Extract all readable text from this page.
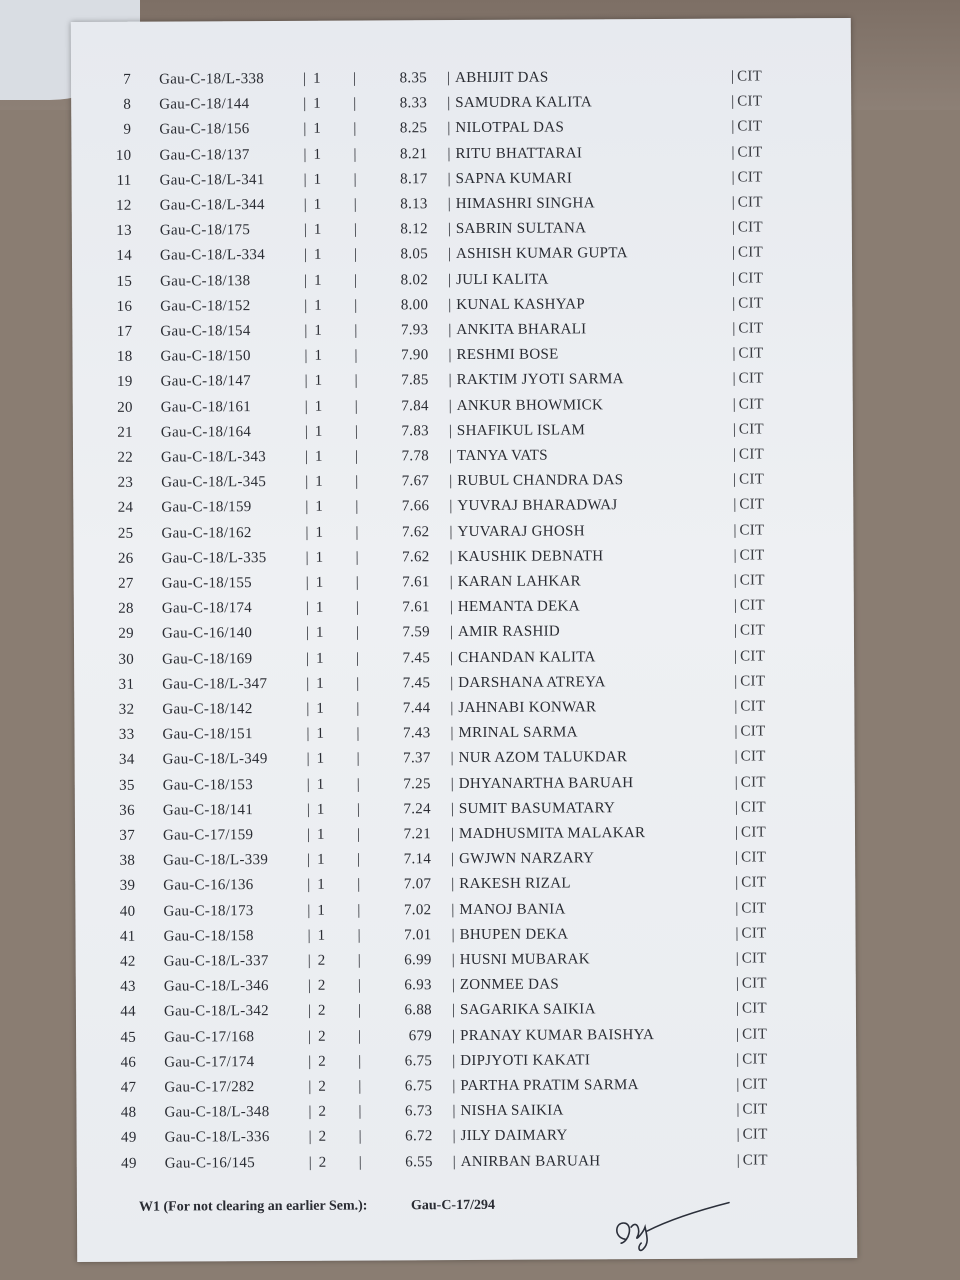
7 Gau-C-18/L-338	| 1 |	8.35 | ABHIJIT DAS	| CIT
8 Gau-C-18/144	| 1 |	8.33 | SAMUDRA KALITA	| CIT
9 Gau-C-18/156	| 1 |	8.25 | NILOTPAL DAS	| CIT
10 Gau-C-18/137	| 1 |	8.21 | RITU BHATTARAI	| CIT
11 Gau-C-18/L-341	| 1 |	8.17 | SAPNA KUMARI	| CIT
12 Gau-C-18/L-344	| 1 |	8.13 | HIMASHRI SINGHA	| CIT
13 Gau-C-18/175	| 1 |	8.12 | SABRIN SULTANA	| CIT
14 Gau-C-18/L-334	| 1 |	8.05 | ASHISH KUMAR GUPTA	| CIT
15 Gau-C-18/138	| 1 |	8.02 | JULI KALITA	| CIT
16 Gau-C-18/152	| 1 |	8.00 | KUNAL KASHYAP	| CIT
17 Gau-C-18/154	| 1 |	7.93 | ANKITA BHARALI	| CIT
18 Gau-C-18/150	| 1 |	7.90 | RESHMI BOSE	| CIT
19 Gau-C-18/147	| 1 |	7.85 | RAKTIM JYOTI SARMA	| CIT
20 Gau-C-18/161	| 1 |	7.84 | ANKUR BHOWMICK	| CIT
21 Gau-C-18/164	| 1 |	7.83 | SHAFIKUL ISLAM	| CIT
22 Gau-C-18/L-343	| 1 |	7.78 | TANYA VATS	| CIT
23 Gau-C-18/L-345	| 1 |	7.67 | RUBUL CHANDRA DAS	| CIT
24 Gau-C-18/159	| 1 |	7.66 | YUVRAJ BHARADWAJ	| CIT
25 Gau-C-18/162	| 1 |	7.62 | YUVARAJ GHOSH	| CIT
26 Gau-C-18/L-335	| 1 |	7.62 | KAUSHIK DEBNATH	| CIT
27 Gau-C-18/155	| 1 |	7.61 | KARAN LAHKAR	| CIT
28 Gau-C-18/174	| 1 |	7.61 | HEMANTA DEKA	| CIT
29 Gau-C-16/140	| 1 |	7.59 | AMIR RASHID	| CIT
30 Gau-C-18/169	| 1 |	7.45 | CHANDAN KALITA	| CIT
31 Gau-C-18/L-347	| 1 |	7.45 | DARSHANA ATREYA	| CIT
32 Gau-C-18/142	| 1 |	7.44 | JAHNABI KONWAR	| CIT
33 Gau-C-18/151	| 1 |	7.43 | MRINAL SARMA	| CIT
34 Gau-C-18/L-349	| 1 |	7.37 | NUR AZOM TALUKDAR	| CIT
35 Gau-C-18/153	| 1 |	7.25 | DHYANARTHA BARUAH	| CIT
36 Gau-C-18/141	| 1 |	7.24 | SUMIT BASUMATARY	| CIT
37 Gau-C-17/159	| 1 |	7.21 | MADHUSMITA MALAKAR	| CIT
38 Gau-C-18/L-339	| 1 |	7.14 | GWJWN NARZARY	| CIT
39 Gau-C-16/136	| 1 |	7.07 | RAKESH RIZAL	| CIT
40 Gau-C-18/173	| 1 |	7.02 | MANOJ BANIA	| CIT
41 Gau-C-18/158	| 1 |	7.01 | BHUPEN DEKA	| CIT
42 Gau-C-18/L-337	| 2 |	6.99 | HUSNI MUBARAK	| CIT
43 Gau-C-18/L-346	| 2 |	6.93 | ZONMEE DAS	| CIT
44 Gau-C-18/L-342	| 2 |	6.88 | SAGARIKA SAIKIA	| CIT
45 Gau-C-17/168	| 2 |	679 | PRANAY KUMAR BAISHYA	| CIT
46 Gau-C-17/174	| 2 |	6.75 | DIPJYOTI KAKATI	| CIT
47 Gau-C-17/282	| 2 |	6.75 | PARTHA PRATIM SARMA	| CIT
48 Gau-C-18/L-348	| 2 |	6.73 | NISHA SAIKIA	| CIT
49 Gau-C-18/L-336	| 2 |	6.72 | JILY DAIMARY	| CIT
49 Gau-C-16/145	| 2 |	6.55 | ANIRBAN BARUAH	| CIT
W1 (For not clearing an earlier Sem.):	Gau-C-17/294
